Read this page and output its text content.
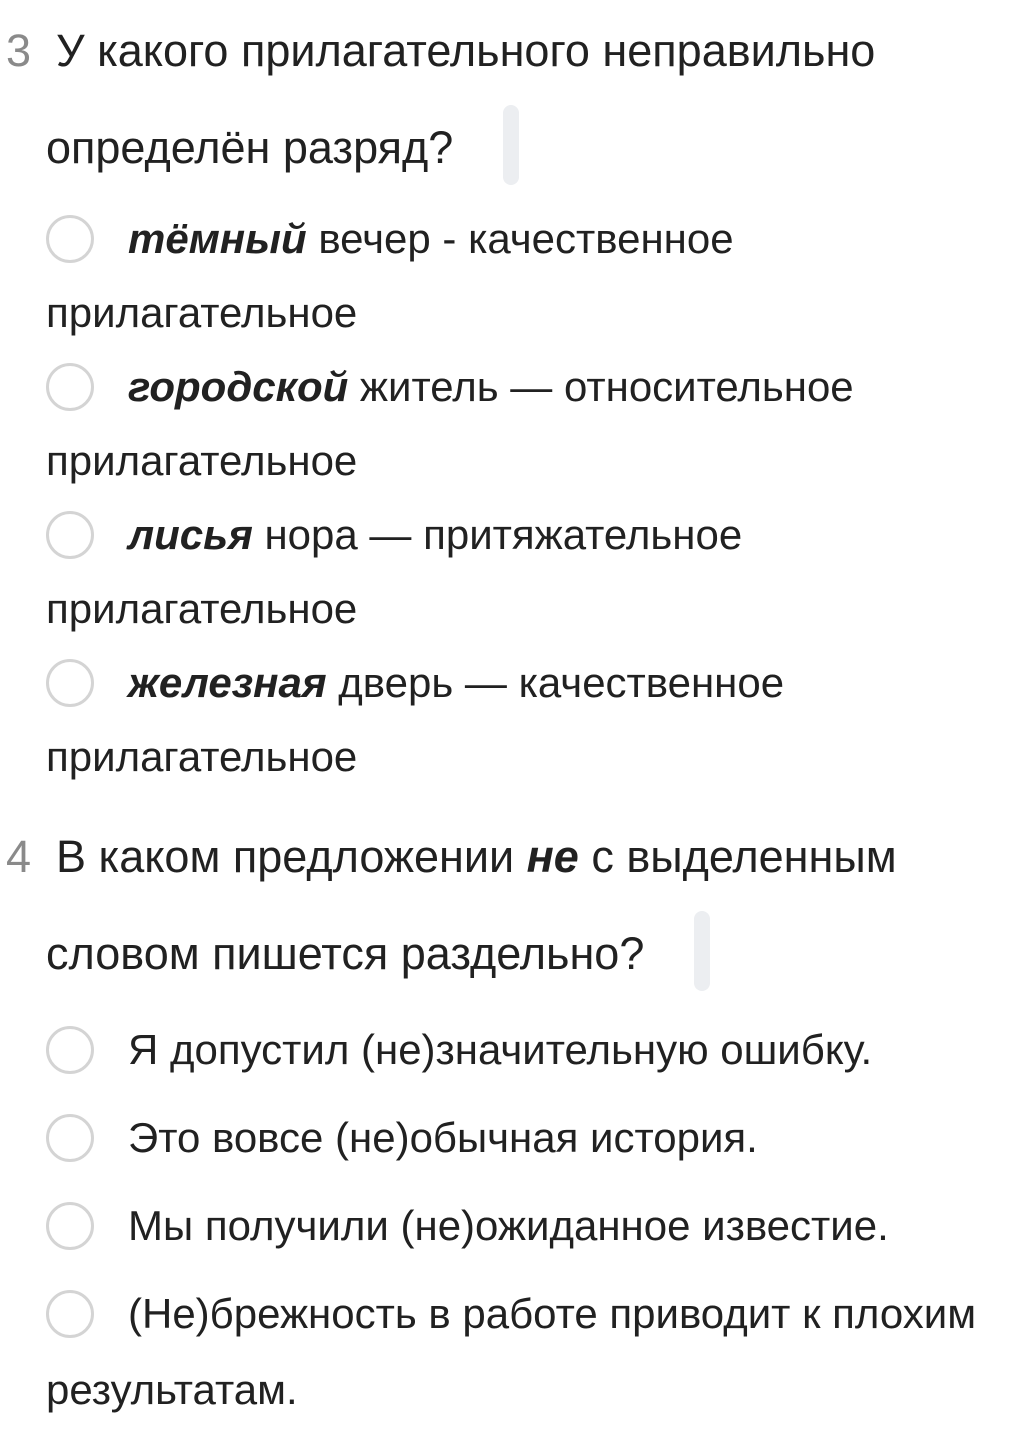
3 У какого прилагательного неправильно
определён разряд?
тёмный вечер - качественное прилагательное
городской житель — относительное прилагательное
лисья нора — притяжательное прилагательное
железная дверь — качественное прилагательное
4 В каком предложении не с выделенным
словом пишется раздельно?
Я допустил (не)значительную ошибку.
Это вовсе (не)обычная история.
Мы получили (не)ожиданное известие.
(Не)брежность в работе приводит к плохим результатам.
